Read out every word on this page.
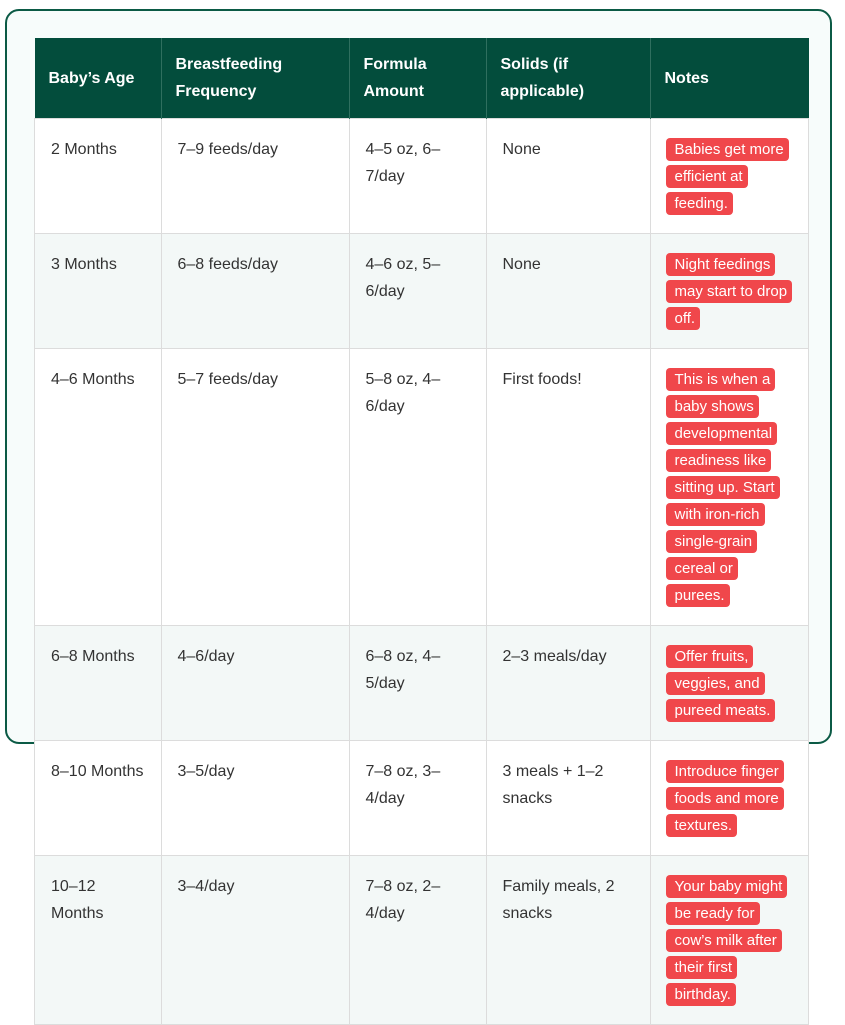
Baby’s Age	Breastfeeding Frequency	Formula Amount	Solids (if applicable)	Notes
2 Months	7–9 feeds/day	4–5 oz, 6–7/day	None	Babies get more efficient at feeding.
3 Months	6–8 feeds/day	4–6 oz, 5–6/day	None	Night feedings may start to drop off.
4–6 Months	5–7 feeds/day	5–8 oz, 4–6/day	First foods!	This is when a baby shows developmental readiness like sitting up. Start with iron-rich single-grain cereal or purees.
6–8 Months	4–6/day	6–8 oz, 4–5/day	2–3 meals/day	Offer fruits, veggies, and pureed meats.
8–10 Months	3–5/day	7–8 oz, 3–4/day	3 meals + 1–2 snacks	Introduce finger foods and more textures.
10–12 Months	3–4/day	7–8 oz, 2–4/day	Family meals, 2 snacks	Your baby might be ready for cow’s milk after their first birthday.
